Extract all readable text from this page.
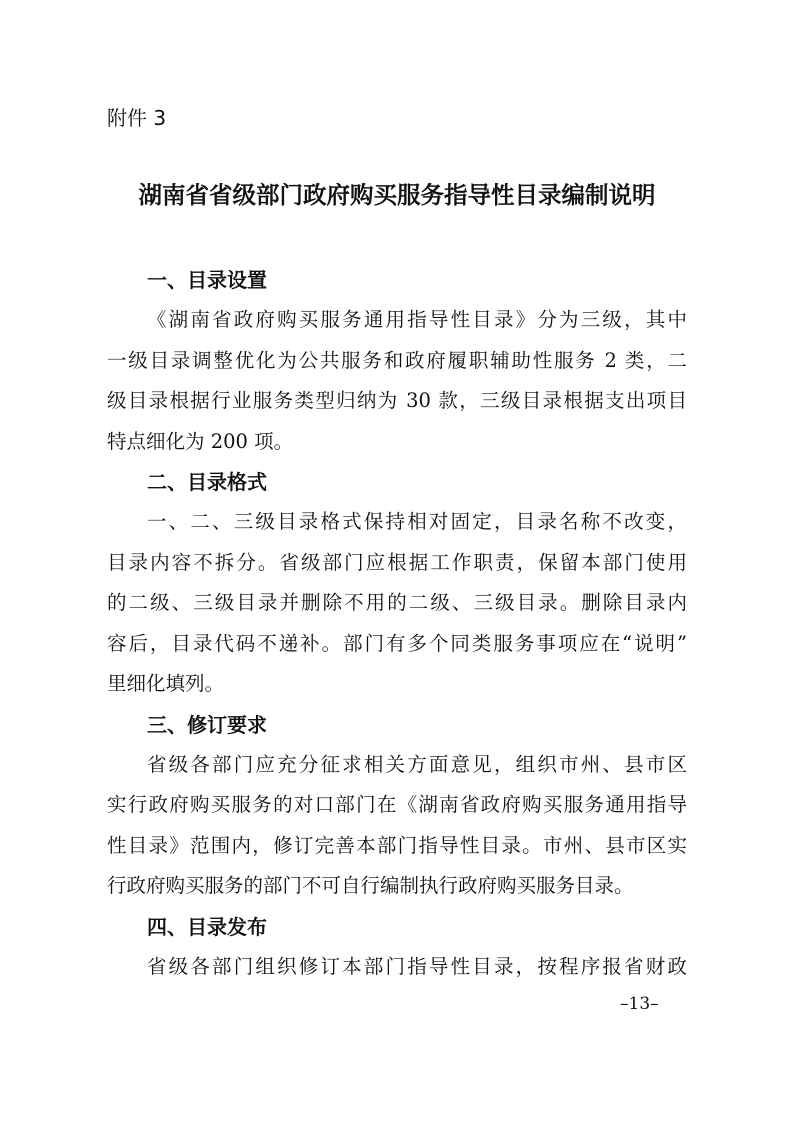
附件 3

湖南省省级部门政府购买服务指导性目录编制说明
一、目录设置

《湖南省政府购买服务通用指导性目录》分为三级，其中
一级目录调整优化为公共服务和政府履职辅助性服务 2 类，二
级目录根据行业服务类型归纳为 30 款，三级目录根据支出项目
特点细化为 200 项。

二、目录格式

一、二、三级目录格式保持相对固定，目录名称不改变，
目录内容不拆分。省级部门应根据工作职责，保留本部门使用
的二级、三级目录并删除不用的二级、三级目录。删除目录内
容后，目录代码不递补。部门有多个同类服务事项应在“说明”
里细化填列。

三、修订要求

省级各部门应充分征求相关方面意见，组织市州、县市区
实行政府购买服务的对口部门在《湖南省政府购买服务通用指导
性目录》范围内，修订完善本部门指导性目录。市州、县市区实
行政府购买服务的部门不可自行编制执行政府购买服务目录。

四、目录发布

省级各部门组织修订本部门指导性目录，按程序报省财政

–13–
